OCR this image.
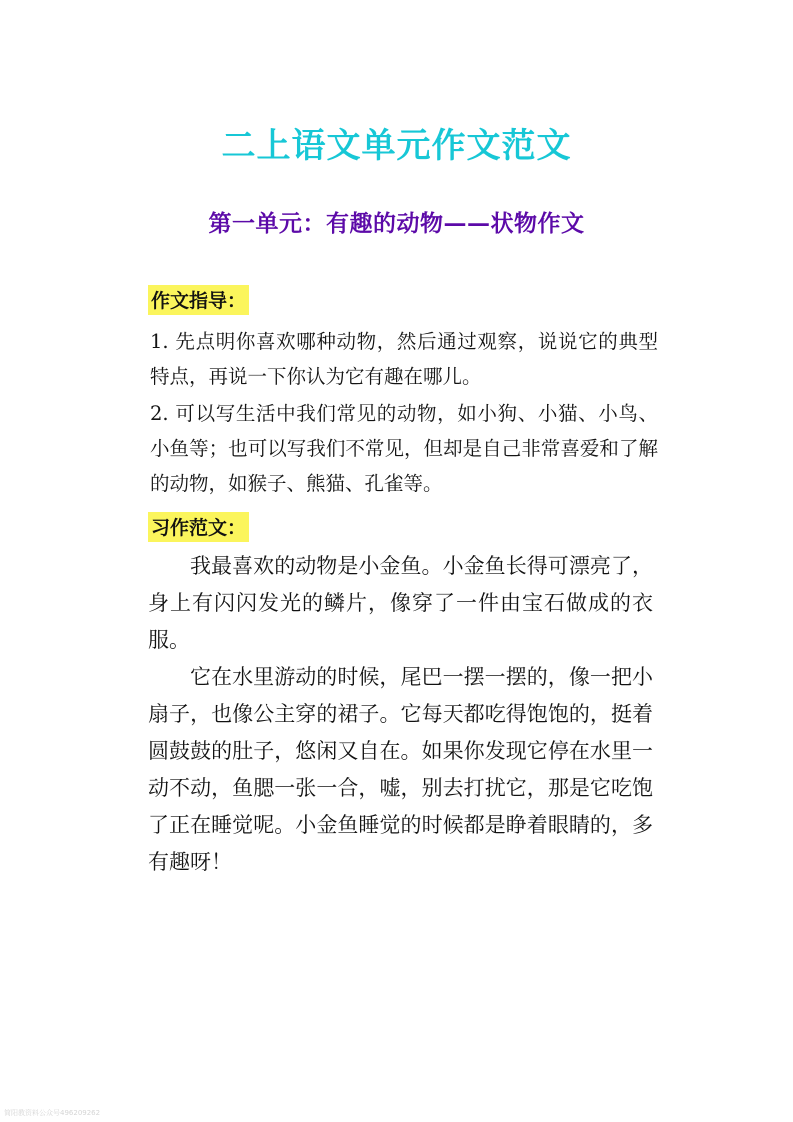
二上语文单元作文范文
第一单元：有趣的动物——状物作文
作文指导：
1. 先点明你喜欢哪种动物，然后通过观察，说说它的典型特点，再说一下你认为它有趣在哪儿。
2. 可以写生活中我们常见的动物，如小狗、小猫、小鸟、小鱼等；也可以写我们不常见，但却是自己非常喜爱和了解的动物，如猴子、熊猫、孔雀等。
习作范文：

我最喜欢的动物是小金鱼。小金鱼长得可漂亮了，身上有闪闪发光的鳞片，像穿了一件由宝石做成的衣服。

它在水里游动的时候，尾巴一摆一摆的，像一把小扇子，也像公主穿的裙子。它每天都吃得饱饱的，挺着圆鼓鼓的肚子，悠闲又自在。如果你发现它停在水里一动不动，鱼腮一张一合，嘘，别去打扰它，那是它吃饱了正在睡觉呢。小金鱼睡觉的时候都是睁着眼睛的，多有趣呀！

简阳教资料公众号496209262
